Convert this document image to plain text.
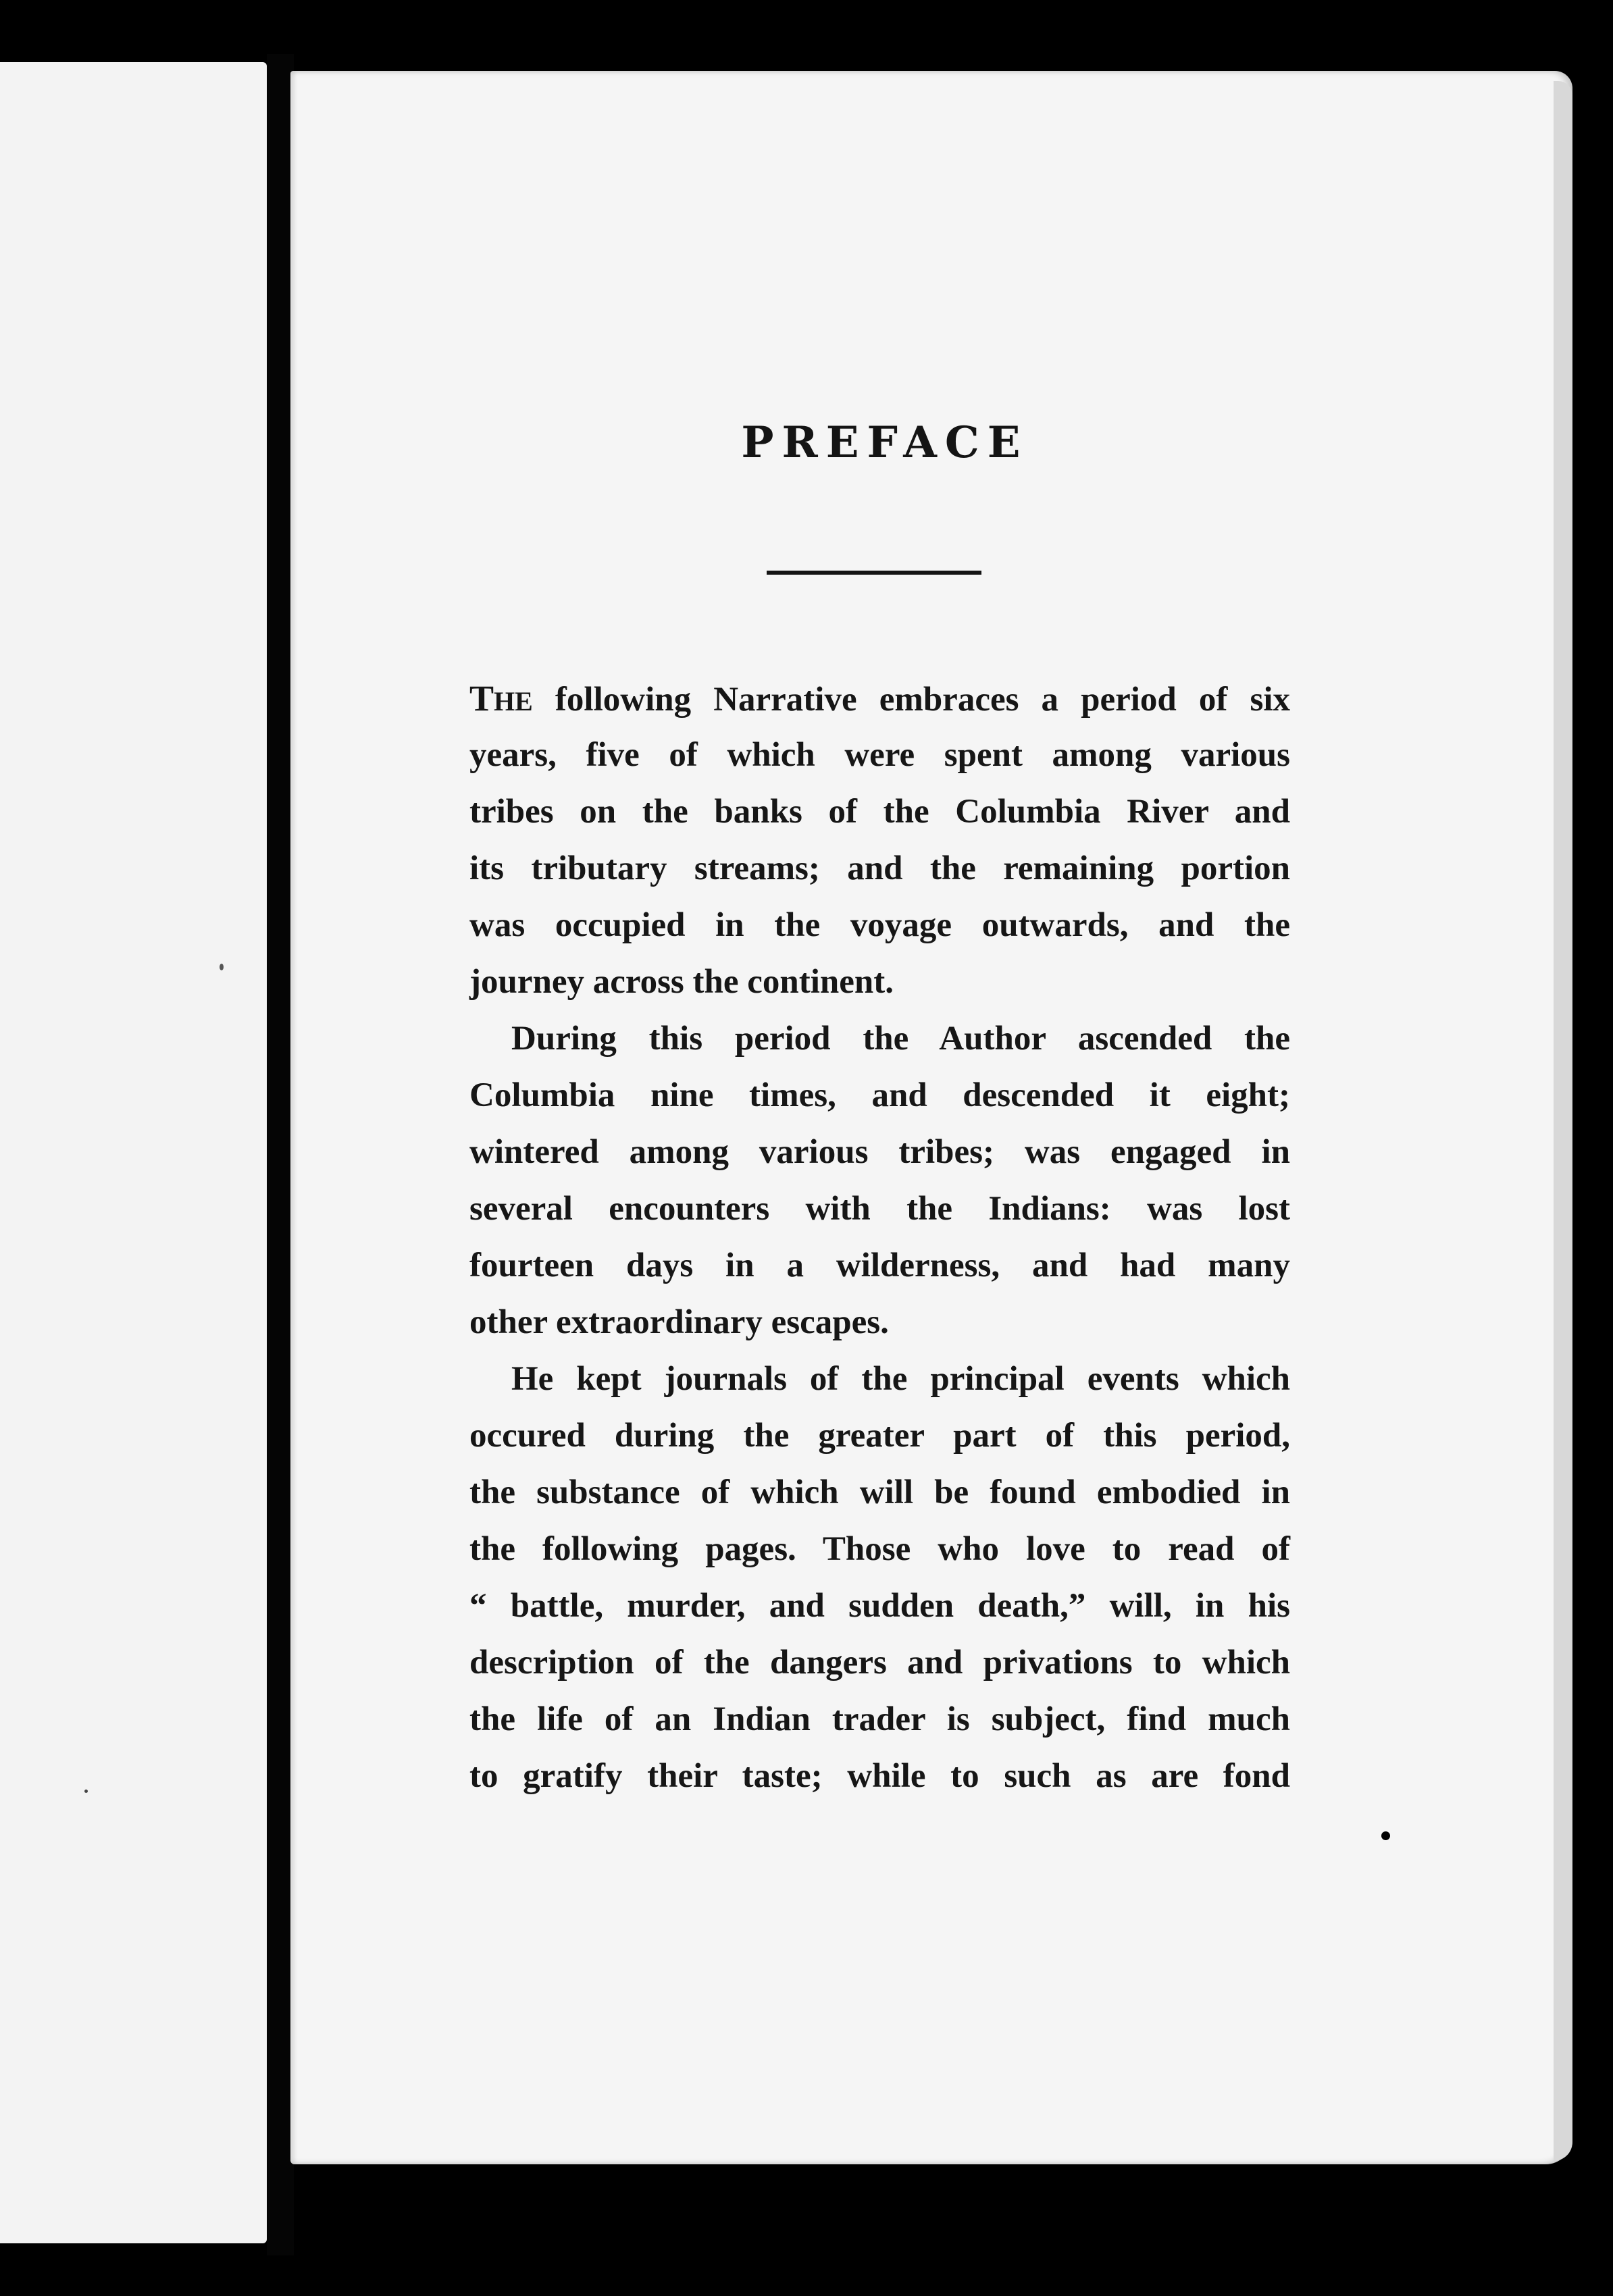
PREFACE
THE following Narrative embraces a period of six
years, five of which were spent among various
tribes on the banks of the Columbia River and
its tributary streams; and the remaining portion
was occupied in the voyage outwards, and the
journey across the continent.
During this period the Author ascended the
Columbia nine times, and descended it eight;
wintered among various tribes; was engaged in
several encounters with the Indians: was lost
fourteen days in a wilderness, and had many
other extraordinary escapes.
He kept journals of the principal events which
occured during the greater part of this period,
the substance of which will be found embodied in
the following pages. Those who love to read of
“ battle, murder, and sudden death,” will, in his
description of the dangers and privations to which
the life of an Indian trader is subject, find much
to gratify their taste; while to such as are fond
